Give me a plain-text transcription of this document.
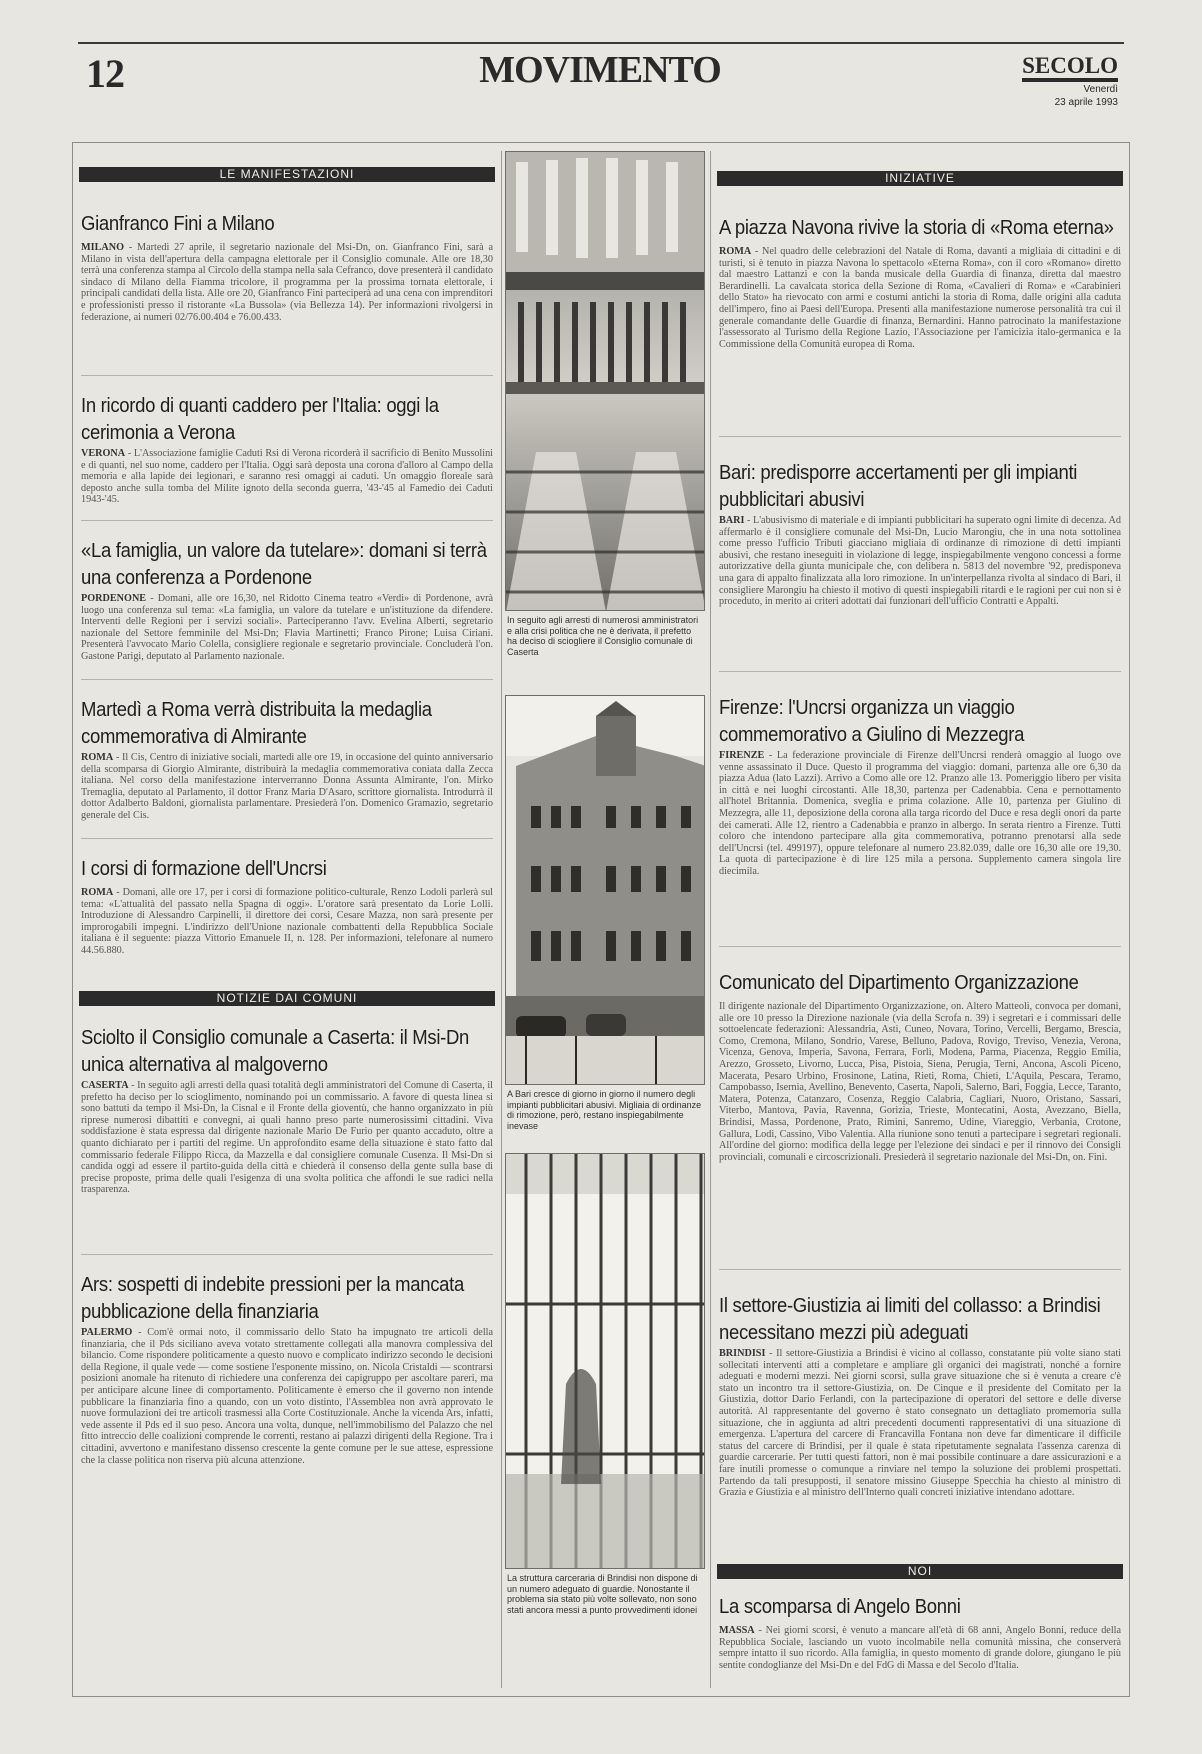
12	MOVIMENTO	SECOLO
Venerdì
23 aprile 1993
LE MANIFESTAZIONI
Gianfranco Fini a Milano

MILANO - Martedì 27 aprile, il segretario nazionale del Msi-Dn, on. Gianfranco Fini, sarà a Milano in vista dell'apertura della campagna elettorale per il Consiglio comunale. Alle ore 18,30 terrà una conferenza stampa al Circolo della stampa nella sala Cefranco, dove presenterà il candidato sindaco di Milano della Fiamma tricolore, il programma per la prossima tornata elettorale, i principali candidati della lista. Alle ore 20, Gianfranco Fini parteciperà ad una cena con imprenditori e professionisti presso il ristorante «La Bussola» (via Bellezza 14). Per informazioni rivolgersi in federazione, ai numeri 02/76.00.404 e 76.00.433.

In ricordo di quanti caddero per l'Italia: oggi la cerimonia a Verona

VERONA - L'Associazione famiglie Caduti Rsi di Verona ricorderà il sacrificio di Benito Mussolini e di quanti, nel suo nome, caddero per l'Italia. Oggi sarà deposta una corona d'alloro al Campo della memoria e alla lapide dei legionari, e saranno resi omaggi ai caduti. Un omaggio floreale sarà deposto anche sulla tomba del Milite ignoto della seconda guerra, '43-'45 al Famedio dei Caduti 1943-'45.

«La famiglia, un valore da tutelare»: domani si terrà una conferenza a Pordenone

PORDENONE - Domani, alle ore 16,30, nel Ridotto Cinema teatro «Verdi» di Pordenone, avrà luogo una conferenza sul tema: «La famiglia, un valore da tutelare e un'istituzione da difendere. Interventi delle Regioni per i servizi sociali». Parteciperanno l'avv. Evelina Alberti, segretario nazionale del Settore femminile del Msi-Dn; Flavia Martinetti; Franco Pirone; Luisa Ciriani. Presenterà l'avvocato Mario Colella, consigliere regionale e segretario provinciale. Concluderà l'on. Gastone Parigi, deputato al Parlamento nazionale.

Martedì a Roma verrà distribuita la medaglia commemorativa di Almirante

ROMA - Il Cis, Centro di iniziative sociali, martedì alle ore 19, in occasione del quinto anniversario della scomparsa di Giorgio Almirante, distribuirà la medaglia commemorativa coniata dalla Zecca italiana. Nel corso della manifestazione interverranno Donna Assunta Almirante, l'on. Mirko Tremaglia, deputato al Parlamento, il dottor Franz Maria D'Asaro, scrittore giornalista. Introdurrà il dottor Adalberto Baldoni, giornalista parlamentare. Presiederà l'on. Domenico Gramazio, segretario generale del Cis.

I corsi di formazione dell'Uncrsi

ROMA - Domani, alle ore 17, per i corsi di formazione politico-culturale, Renzo Lodoli parlerà sul tema: «L'attualità del passato nella Spagna di oggi». L'oratore sarà presentato da Lorie Lolli. Introduzione di Alessandro Carpinelli, il direttore dei corsi, Cesare Mazza, non sarà presente per improrogabili impegni. L'indirizzo dell'Unione nazionale combattenti della Repubblica Sociale italiana è il seguente: piazza Vittorio Emanuele II, n. 128. Per informazioni, telefonare al numero 44.56.880.

NOTIZIE DAI COMUNI
Sciolto il Consiglio comunale a Caserta: il Msi-Dn unica alternativa al malgoverno

CASERTA - In seguito agli arresti della quasi totalità degli amministratori del Comune di Caserta, il prefetto ha deciso per lo scioglimento, nominando poi un commissario. A favore di questa linea si sono battuti da tempo il Msi-Dn, la Cisnal e il Fronte della gioventù, che hanno organizzato in più riprese numerosi dibattiti e convegni, ai quali hanno preso parte numerosissimi cittadini. Viva soddisfazione è stata espressa dal dirigente nazionale Mario De Furio per quanto accaduto, oltre a quanto dichiarato per i partiti del regime. Un approfondito esame della situazione è stato fatto dal commissario federale Filippo Ricca, da Mazzella e dal consigliere comunale Cusenza. Il Msi-Dn si candida oggi ad essere il partito-guida della città e chiederà il consenso della gente sulla base di precise proposte, prima delle quali l'esigenza di una svolta politica che affondi le sue radici nella trasparenza.

Ars: sospetti di indebite pressioni per la mancata pubblicazione della finanziaria

PALERMO - Com'è ormai noto, il commissario dello Stato ha impugnato tre articoli della finanziaria, che il Pds siciliano aveva votato strettamente collegati alla manovra complessiva del bilancio. Come rispondere politicamente a questo nuovo e complicato indirizzo secondo le decisioni della Regione, il quale vede — come sostiene l'esponente missino, on. Nicola Cristaldi — scontrarsi posizioni anomale ha ritenuto di richiedere una conferenza dei capigruppo per ascoltare pareri, ma per anticipare alcune linee di comportamento. Politicamente è emerso che il governo non intende pubblicare la finanziaria fino a quando, con un voto distinto, l'Assemblea non avrà approvato le nuove formulazioni dei tre articoli trasmessi alla Corte Costituzionale. Anche la vicenda Ars, infatti, vede assente il Pds ed il suo peso. Ancora una volta, dunque, nell'immobilismo del Palazzo che nel fitto intreccio delle coalizioni comprende le correnti, restano ai palazzi dirigenti della Regione. Tra i cittadini, avvertono e manifestano dissenso crescente la gente comune per le sue attese, espressione che la classe politica non riserva più alcuna attenzione.

In seguito agli arresti di numerosi amministratori e alla crisi politica che ne è derivata, il prefetto ha deciso di sciogliere il Consiglio comunale di Caserta
A Bari cresce di giorno in giorno il numero degli impianti pubblicitari abusivi. Migliaia di ordinanze di rimozione, però, restano inspiegabilmente inevase
La struttura carceraria di Brindisi non dispone di un numero adeguato di guardie. Nonostante il problema sia stato più volte sollevato, non sono stati ancora messi a punto provvedimenti idonei
INIZIATIVE
A piazza Navona rivive la storia di «Roma eterna»

ROMA - Nel quadro delle celebrazioni del Natale di Roma, davanti a migliaia di cittadini e di turisti, si è tenuto in piazza Navona lo spettacolo «Eterna Roma», con il coro «Romano» diretto dal maestro Lattanzi e con la banda musicale della Guardia di finanza, diretta dal maestro Berardinelli. La cavalcata storica della Sezione di Roma, «Cavalieri di Roma» e «Carabinieri dello Stato» ha rievocato con armi e costumi antichi la storia di Roma, dalle origini alla caduta dell'impero, fino ai Paesi dell'Europa. Presenti alla manifestazione numerose personalità tra cui il generale comandante delle Guardie di finanza, Bernardini. Hanno patrocinato la manifestazione l'assessorato al Turismo della Regione Lazio, l'Associazione per l'amicizia italo-germanica e la Commissione della Comunità europea di Roma.

Bari: predisporre accertamenti per gli impianti pubblicitari abusivi

BARI - L'abusivismo di materiale e di impianti pubblicitari ha superato ogni limite di decenza. Ad affermarlo è il consigliere comunale del Msi-Dn, Lucio Marongiu, che in una nota sottolinea come presso l'ufficio Tributi giacciano migliaia di ordinanze di rimozione di detti impianti abusivi, che restano ineseguiti in violazione di legge, inspiegabilmente vengono concessi a forme autorizzative della giunta municipale che, con delibera n. 5813 del novembre '92, predisponeva una gara di appalto finalizzata alla loro rimozione. In un'interpellanza rivolta al sindaco di Bari, il consigliere Marongiu ha chiesto il motivo di questi inspiegabili ritardi e le ragioni per cui non si è proceduto, in merito ai criteri adottati dai funzionari dell'ufficio Contratti e Appalti.

Firenze: l'Uncrsi organizza un viaggio commemorativo a Giulino di Mezzegra

FIRENZE - La federazione provinciale di Firenze dell'Uncrsi renderà omaggio al luogo ove venne assassinato il Duce. Questo il programma del viaggio: domani, partenza alle ore 6,30 da piazza Adua (lato Lazzi). Arrivo a Como alle ore 12. Pranzo alle 13. Pomeriggio libero per visita in città e nei luoghi circostanti. Alle 18,30, partenza per Cadenabbia. Cena e pernottamento all'hotel Britannia. Domenica, sveglia e prima colazione. Alle 10, partenza per Giulino di Mezzegra, alle 11, deposizione della corona alla targa ricordo del Duce e resa degli onori da parte dei camerati. Alle 12, rientro a Cadenabbia e pranzo in albergo. In serata rientro a Firenze. Tutti coloro che intendono partecipare alla gita commemorativa, potranno prenotarsi alla sede dell'Uncrsi (tel. 499197), oppure telefonare al numero 23.82.039, dalle ore 16,30 alle ore 19,30. La quota di partecipazione è di lire 125 mila a persona. Supplemento camera singola lire diecimila.

Comunicato del Dipartimento Organizzazione

Il dirigente nazionale del Dipartimento Organizzazione, on. Altero Matteoli, convoca per domani, alle ore 10 presso la Direzione nazionale (via della Scrofa n. 39) i segretari e i commissari delle sottoelencate federazioni: Alessandria, Asti, Cuneo, Novara, Torino, Vercelli, Bergamo, Brescia, Como, Cremona, Milano, Sondrio, Varese, Belluno, Padova, Rovigo, Treviso, Venezia, Verona, Vicenza, Genova, Imperia, Savona, Ferrara, Forlì, Modena, Parma, Piacenza, Reggio Emilia, Arezzo, Grosseto, Livorno, Lucca, Pisa, Pistoia, Siena, Perugia, Terni, Ancona, Ascoli Piceno, Macerata, Pesaro Urbino, Frosinone, Latina, Rieti, Roma, Chieti, L'Aquila, Pescara, Teramo, Campobasso, Isernia, Avellino, Benevento, Caserta, Napoli, Salerno, Bari, Foggia, Lecce, Taranto, Matera, Potenza, Catanzaro, Cosenza, Reggio Calabria, Cagliari, Nuoro, Oristano, Sassari, Viterbo, Mantova, Pavia, Ravenna, Gorizia, Trieste, Montecatini, Aosta, Avezzano, Biella, Brindisi, Massa, Pordenone, Prato, Rimini, Sanremo, Udine, Viareggio, Verbania, Crotone, Gallura, Lodi, Cassino, Vibo Valentia. Alla riunione sono tenuti a partecipare i segretari regionali. All'ordine del giorno: modifica della legge per l'elezione dei sindaci e per il rinnovo dei Consigli provinciali, comunali e circoscrizionali. Presiederà il segretario nazionale del Msi-Dn, on. Fini.

Il settore-Giustizia ai limiti del collasso: a Brindisi necessitano mezzi più adeguati

BRINDISI - Il settore-Giustizia a Brindisi è vicino al collasso, constatante più volte siano stati sollecitati interventi atti a completare e ampliare gli organici dei magistrati, nonché a fornire adeguati e moderni mezzi. Nei giorni scorsi, sulla grave situazione che si è venuta a creare c'è stato un incontro tra il settore-Giustizia, on. De Cinque e il presidente del Comitato per la Giustizia, dottor Dario Ferlandi, con la partecipazione di operatori del settore e delle diverse autorità. Al rappresentante del governo è stato consegnato un dettagliato promemoria sulla situazione, che in aggiunta ad altri precedenti documenti rappresentativi di una situazione di emergenza. L'apertura del carcere di Francavilla Fontana non deve far dimenticare il difficile status del carcere di Brindisi, per il quale è stata ripetutamente segnalata l'assenza carenza di guardie carcerarie. Per tutti questi fattori, non è mai possibile continuare a dare assicurazioni e a fare inutili promesse o comunque a rinviare nel tempo la soluzione dei problemi prospettati. Partendo da tali presupposti, il senatore missino Giuseppe Specchia ha chiesto al ministro di Grazia e Giustizia e al ministro dell'Interno quali concreti iniziative intendano adottare.

NOI
La scomparsa di Angelo Bonni

MASSA - Nei giorni scorsi, è venuto a mancare all'età di 68 anni, Angelo Bonni, reduce della Repubblica Sociale, lasciando un vuoto incolmabile nella comunità missina, che conserverà sempre intatto il suo ricordo. Alla famiglia, in questo momento di grande dolore, giungano le più sentite condoglianze del Msi-Dn e del FdG di Massa e del Secolo d'Italia.
